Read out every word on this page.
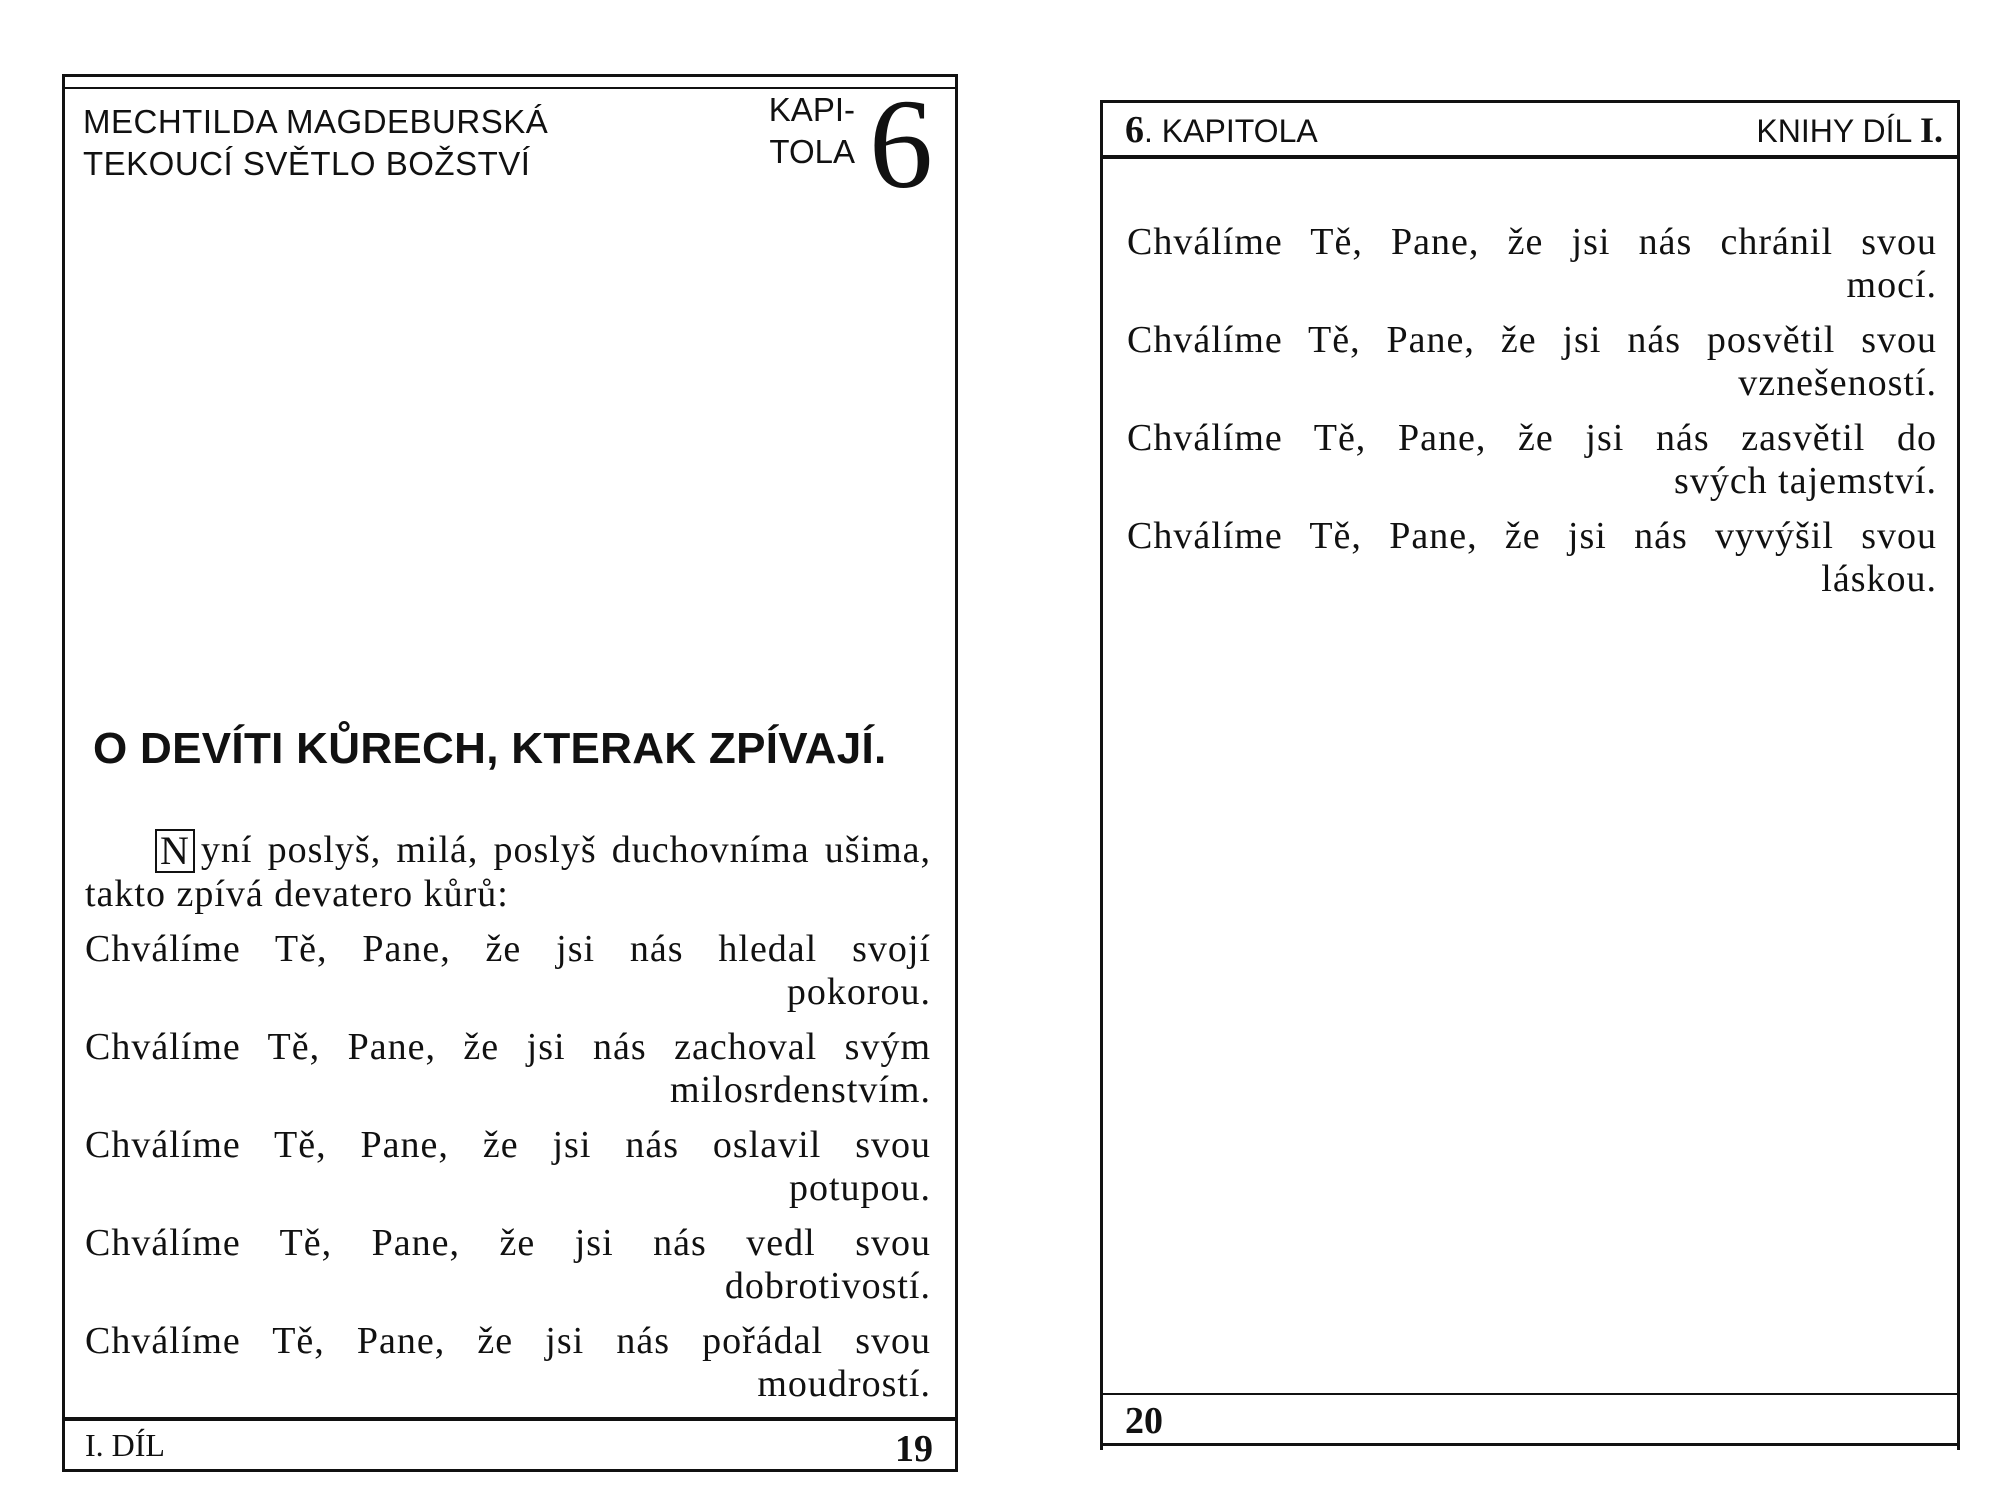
MECHTILDA MAGDEBURSKÁ
TEKOUCÍ SVĚTLO BOŽSTVÍ
KAPI-
TOLA 6
O DEVÍTI KŮRECH, KTERAK ZPÍVAJÍ.

N yní poslyš, milá, poslyš duchovníma ušima, takto zpívá devatero kůrů:

Chválíme Tě, Pane, že jsi nás hledal svojí
pokorou.
Chválíme Tě, Pane, že jsi nás zachoval svým
milosrdenstvím.
Chválíme Tě, Pane, že jsi nás oslavil svou
potupou.
Chválíme Tě, Pane, že jsi nás vedl svou
dobrotivostí.
Chválíme Tě, Pane, že jsi nás pořádal svou
moudrostí.
I. DÍL	19
6. KAPITOLA	KNIHY DÍL I.
Chválíme Tě, Pane, že jsi nás chránil svou
mocí.
Chválíme Tě, Pane, že jsi nás posvětil svou
vznešeností.
Chválíme Tě, Pane, že jsi nás zasvětil do
svých tajemství.
Chválíme Tě, Pane, že jsi nás vyvýšil svou
láskou.
20
